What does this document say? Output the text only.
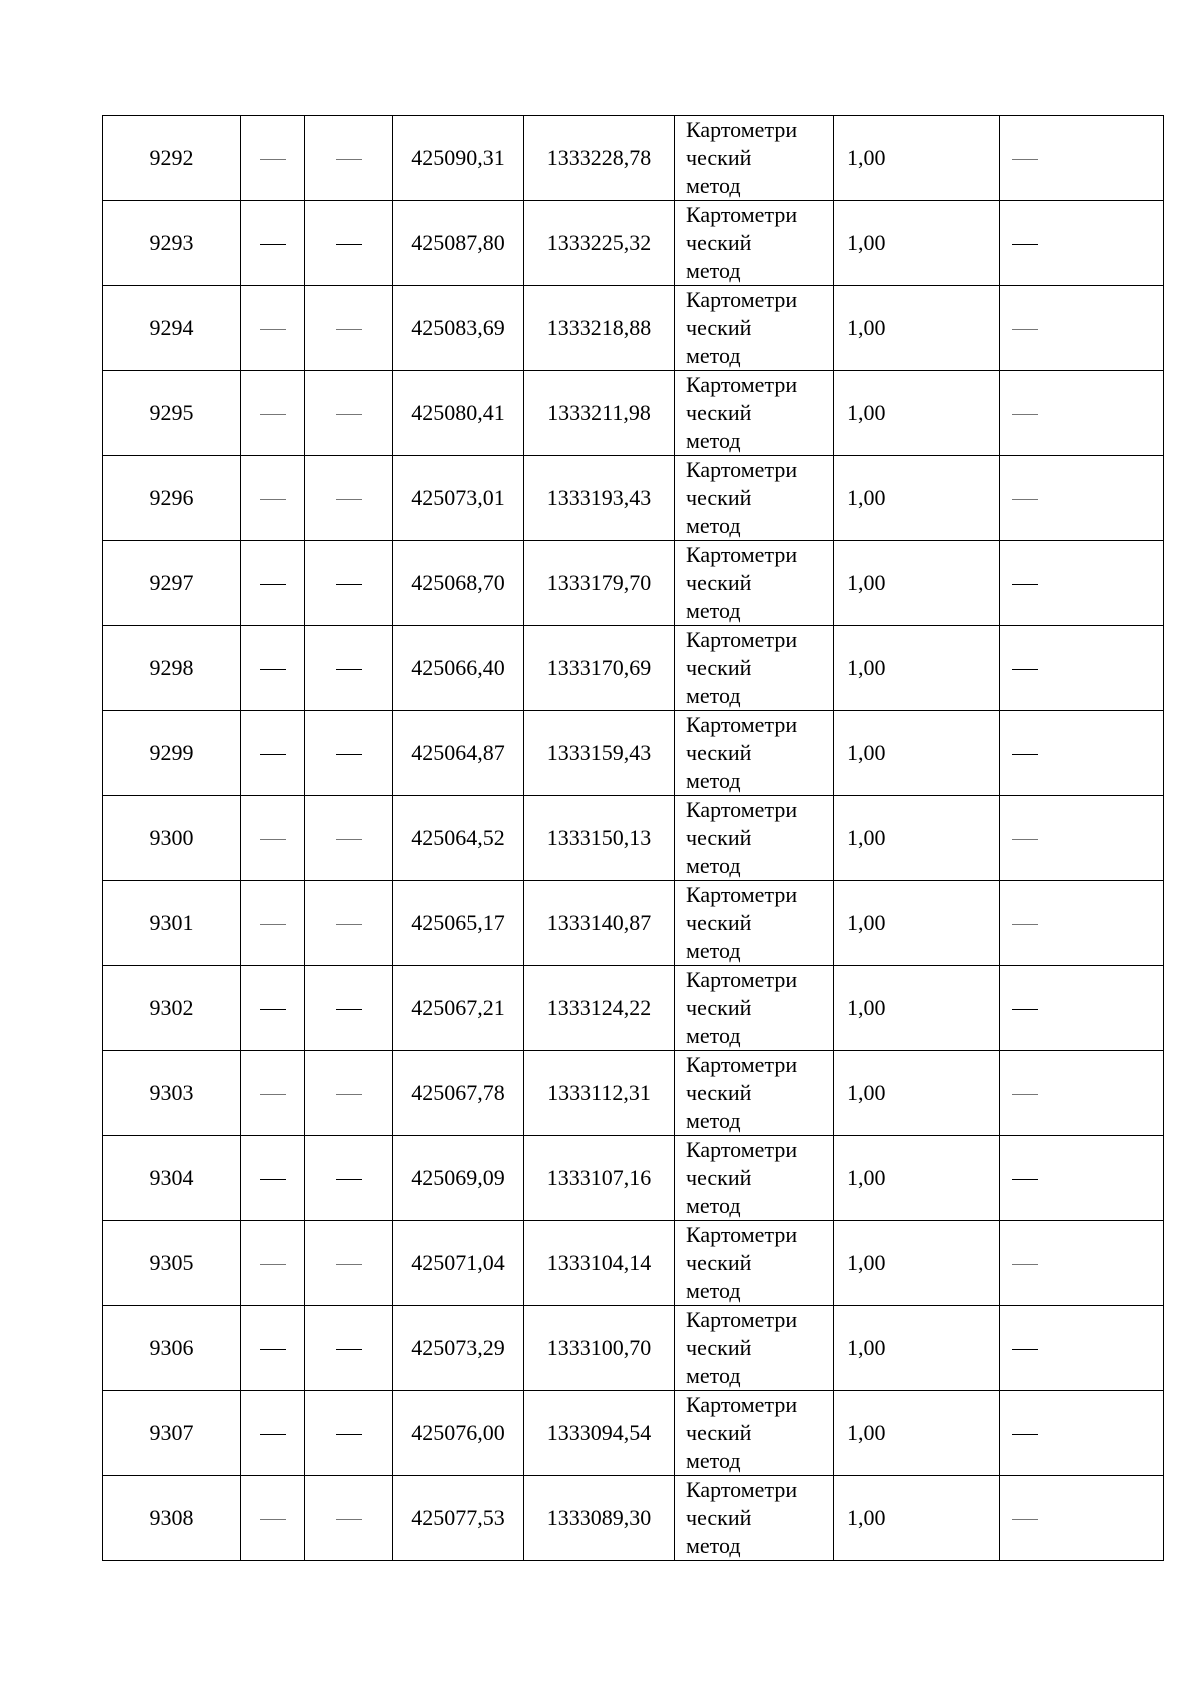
9292			425090,31	1333228,78	Картометри
ческий
метод	1,00	
9293			425087,80	1333225,32	Картометри
ческий
метод	1,00	
9294			425083,69	1333218,88	Картометри
ческий
метод	1,00	
9295			425080,41	1333211,98	Картометри
ческий
метод	1,00	
9296			425073,01	1333193,43	Картометри
ческий
метод	1,00	
9297			425068,70	1333179,70	Картометри
ческий
метод	1,00	
9298			425066,40	1333170,69	Картометри
ческий
метод	1,00	
9299			425064,87	1333159,43	Картометри
ческий
метод	1,00	
9300			425064,52	1333150,13	Картометри
ческий
метод	1,00	
9301			425065,17	1333140,87	Картометри
ческий
метод	1,00	
9302			425067,21	1333124,22	Картометри
ческий
метод	1,00	
9303			425067,78	1333112,31	Картометри
ческий
метод	1,00	
9304			425069,09	1333107,16	Картометри
ческий
метод	1,00	
9305			425071,04	1333104,14	Картометри
ческий
метод	1,00	
9306			425073,29	1333100,70	Картометри
ческий
метод	1,00	
9307			425076,00	1333094,54	Картометри
ческий
метод	1,00	
9308			425077,53	1333089,30	Картометри
ческий
метод	1,00	
